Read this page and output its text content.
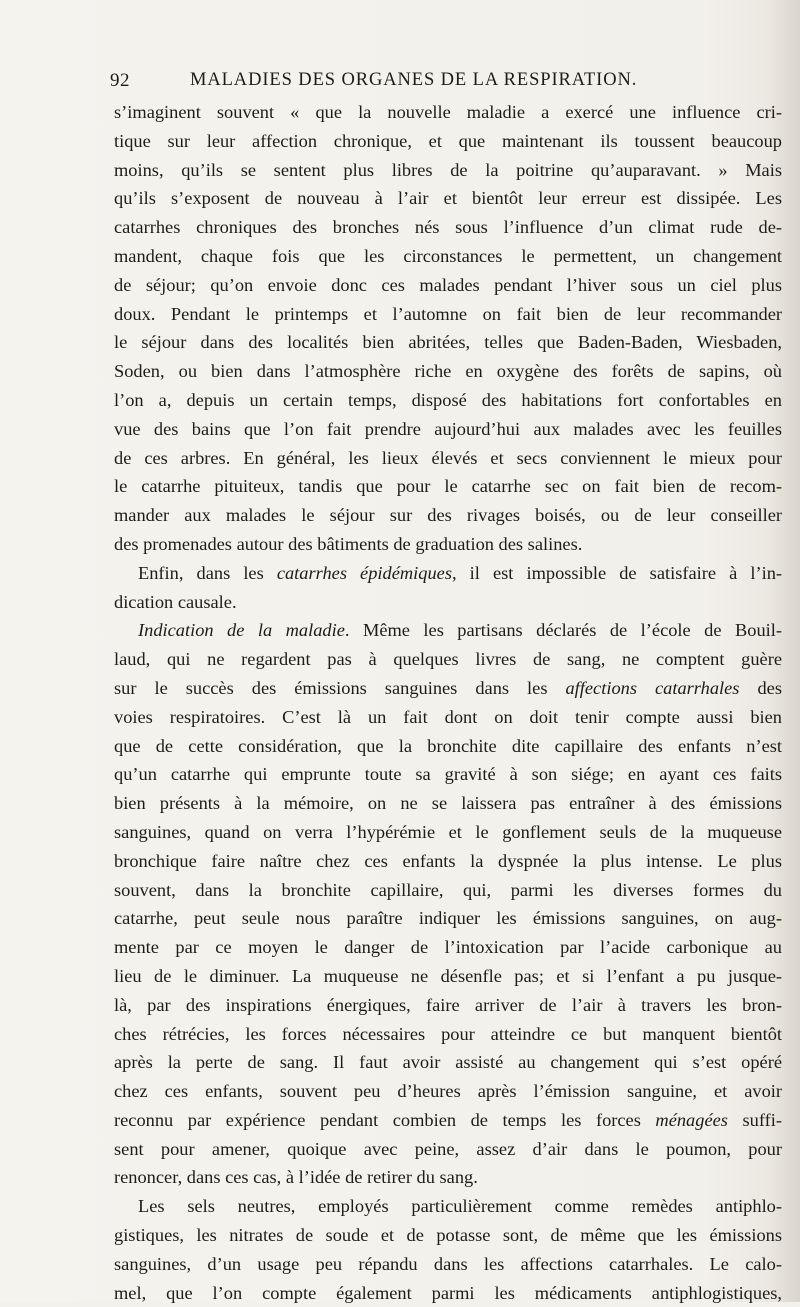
92	MALADIES DES ORGANES DE LA RESPIRATION.
s’imaginent souvent « que la nouvelle maladie a exercé une influence cri-
tique sur leur affection chronique, et que maintenant ils toussent beaucoup
moins, qu’ils se sentent plus libres de la poitrine qu’auparavant. » Mais
qu’ils s’exposent de nouveau à l’air et bientôt leur erreur est dissipée. Les
catarrhes chroniques des bronches nés sous l’influence d’un climat rude de-
mandent, chaque fois que les circonstances le permettent, un changement
de séjour; qu’on envoie donc ces malades pendant l’hiver sous un ciel plus
doux. Pendant le printemps et l’automne on fait bien de leur recommander
le séjour dans des localités bien abritées, telles que Baden-Baden, Wiesbaden,
Soden, ou bien dans l’atmosphère riche en oxygène des forêts de sapins, où
l’on a, depuis un certain temps, disposé des habitations fort confortables en
vue des bains que l’on fait prendre aujourd’hui aux malades avec les feuilles
de ces arbres. En général, les lieux élevés et secs conviennent le mieux pour
le catarrhe pituiteux, tandis que pour le catarrhe sec on fait bien de recom-
mander aux malades le séjour sur des rivages boisés, ou de leur conseiller
des promenades autour des bâtiments de graduation des salines.
Enfin, dans les catarrhes épidémiques, il est impossible de satisfaire à l’in-
dication causale.
Indication de la maladie. Même les partisans déclarés de l’école de Bouil-
laud, qui ne regardent pas à quelques livres de sang, ne comptent guère
sur le succès des émissions sanguines dans les affections catarrhales des
voies respiratoires. C’est là un fait dont on doit tenir compte aussi bien
que de cette considération, que la bronchite dite capillaire des enfants n’est
qu’un catarrhe qui emprunte toute sa gravité à son siége; en ayant ces faits
bien présents à la mémoire, on ne se laissera pas entraîner à des émissions
sanguines, quand on verra l’hypérémie et le gonflement seuls de la muqueuse
bronchique faire naître chez ces enfants la dyspnée la plus intense. Le plus
souvent, dans la bronchite capillaire, qui, parmi les diverses formes du
catarrhe, peut seule nous paraître indiquer les émissions sanguines, on aug-
mente par ce moyen le danger de l’intoxication par l’acide carbonique au
lieu de le diminuer. La muqueuse ne désenfle pas; et si l’enfant a pu jusque-
là, par des inspirations énergiques, faire arriver de l’air à travers les bron-
ches rétrécies, les forces nécessaires pour atteindre ce but manquent bientôt
après la perte de sang. Il faut avoir assisté au changement qui s’est opéré
chez ces enfants, souvent peu d’heures après l’émission sanguine, et avoir
reconnu par expérience pendant combien de temps les forces ménagées suffi-
sent pour amener, quoique avec peine, assez d’air dans le poumon, pour
renoncer, dans ces cas, à l’idée de retirer du sang.
Les sels neutres, employés particulièrement comme remèdes antiphlo-
gistiques, les nitrates de soude et de potasse sont, de même que les émissions
sanguines, d’un usage peu répandu dans les affections catarrhales. Le calo-
mel, que l’on compte également parmi les médicaments antiphlogistiques,
